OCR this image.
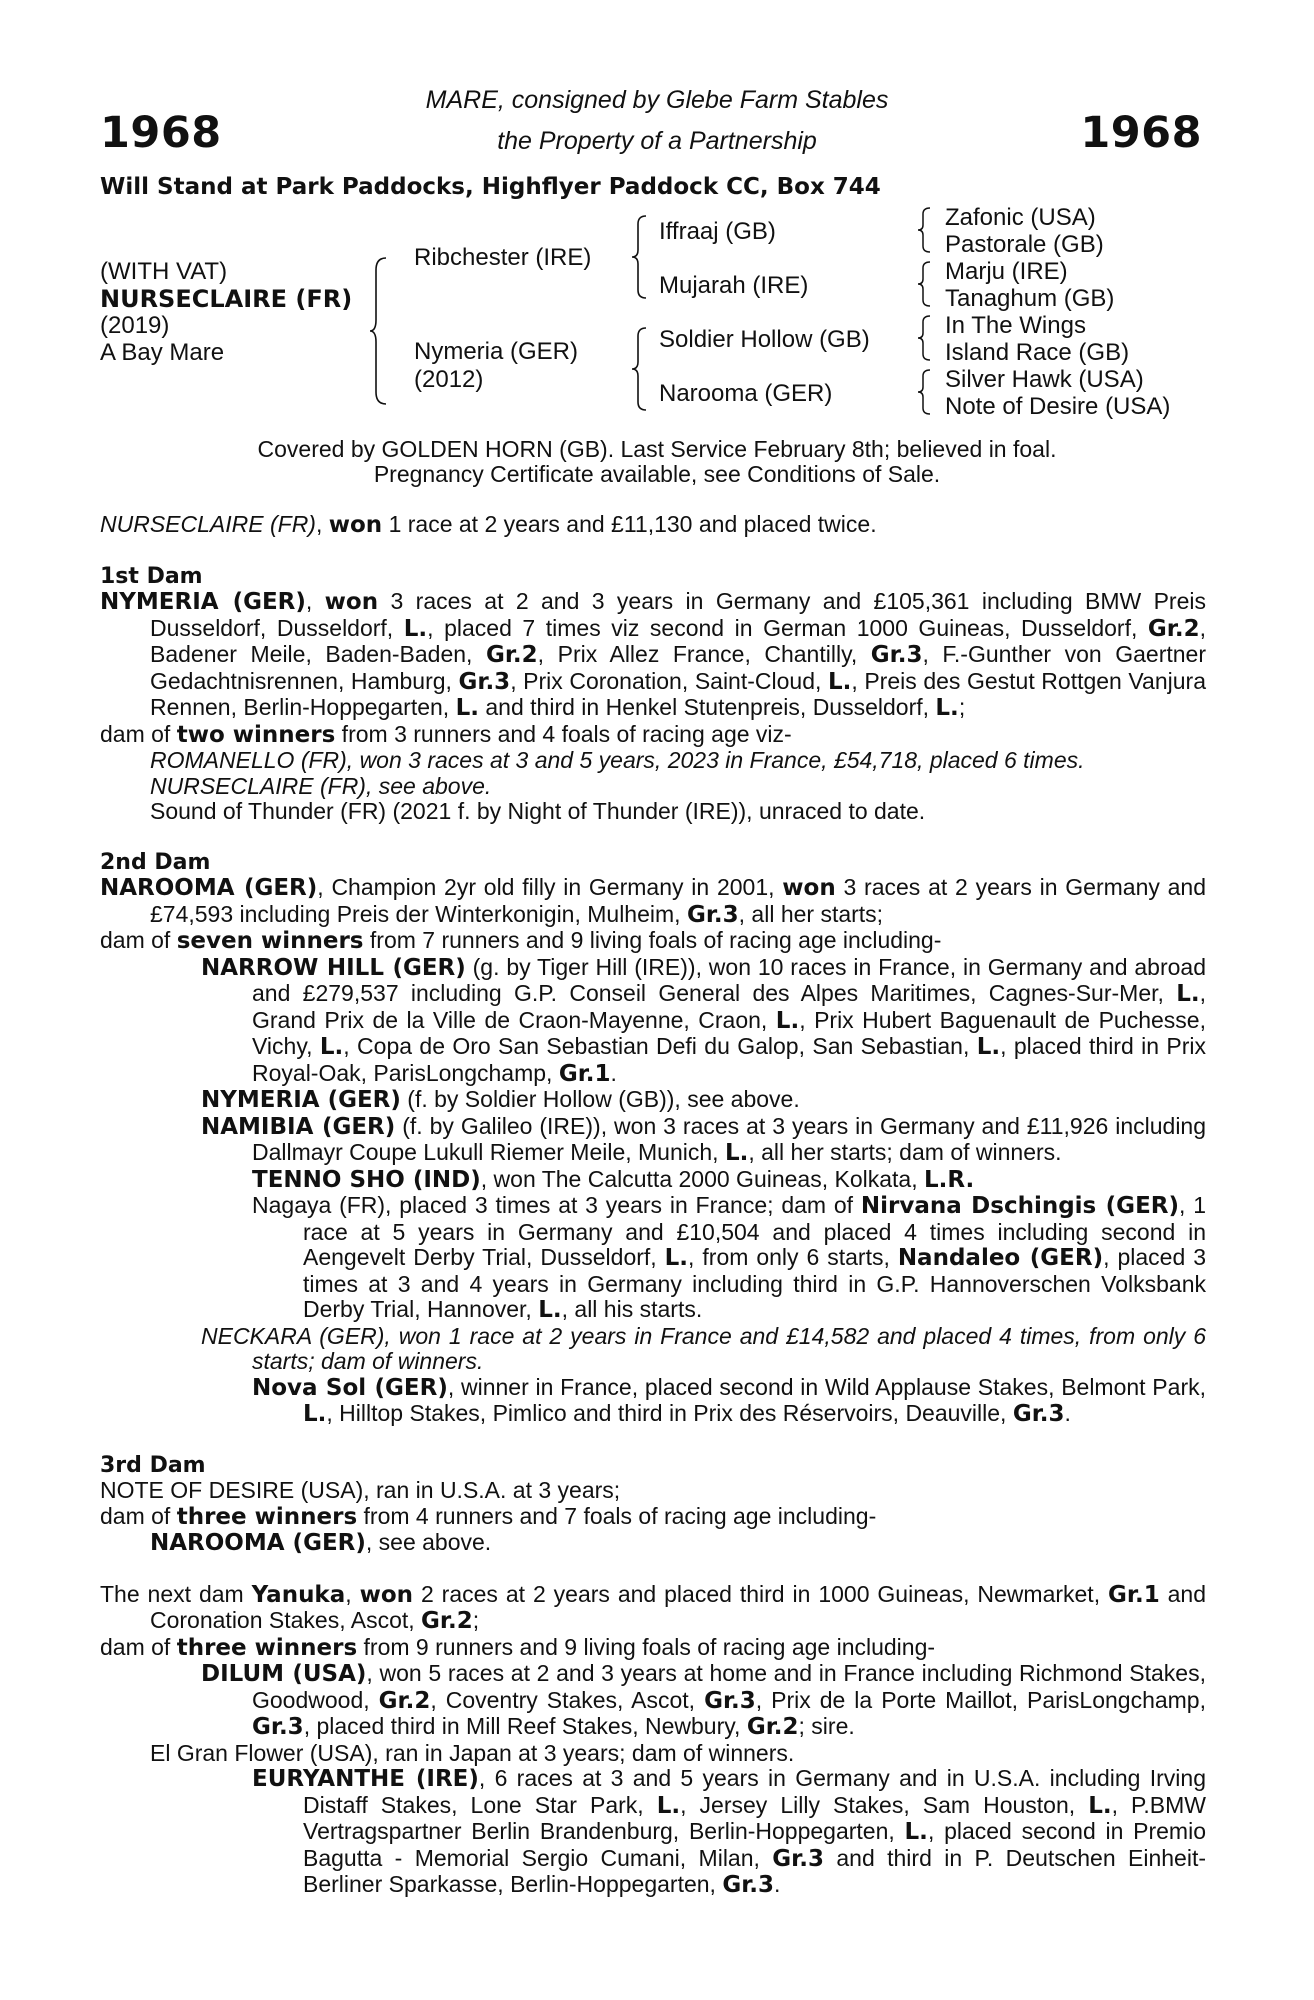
1968	1968
MARE, consigned by Glebe Farm Stables
the Property of a Partnership
Will Stand at Park Paddocks, Highflyer Paddock CC, Box 744
(WITH VAT)
NURSECLAIRE (FR)
(2019)
A Bay Mare
Ribchester (IRE)
Nymeria (GER)
(2012)
Iffraaj (GB)
Mujarah (IRE)
Soldier Hollow (GB)
Narooma (GER)
Zafonic (USA)
Pastorale (GB)
Marju (IRE)
Tanaghum (GB)
In The Wings
Island Race (GB)
Silver Hawk (USA)
Note of Desire (USA)
Covered by GOLDEN HORN (GB). Last Service February 8th; believed in foal.
Pregnancy Certificate available, see Conditions of Sale.

NURSECLAIRE (FR), won 1 race at 2 years and £11,130 and placed twice.

1st Dam

NYMERIA (GER), won 3 races at 2 and 3 years in Germany and £105,361 including BMW Preis Dusseldorf, Dusseldorf, L., placed 7 times viz second in German 1000 Guineas, Dusseldorf, Gr.2, Badener Meile, Baden-Baden, Gr.2, Prix Allez France, Chantilly, Gr.3, F.-Gunther von Gaertner Gedachtnisrennen, Hamburg, Gr.3, Prix Coronation, Saint-Cloud, L., Preis des Gestut Rottgen Vanjura Rennen, Berlin-Hoppegarten, L. and third in Henkel Stutenpreis, Dusseldorf, L.;

dam of two winners from 3 runners and 4 foals of racing age viz-

ROMANELLO (FR), won 3 races at 3 and 5 years, 2023 in France, £54,718, placed 6 times.

NURSECLAIRE (FR), see above.

Sound of Thunder (FR) (2021 f. by Night of Thunder (IRE)), unraced to date.

2nd Dam

NAROOMA (GER), Champion 2yr old filly in Germany in 2001, won 3 races at 2 years in Germany and £74,593 including Preis der Winterkonigin, Mulheim, Gr.3, all her starts;

dam of seven winners from 7 runners and 9 living foals of racing age including-

NARROW HILL (GER) (g. by Tiger Hill (IRE)), won 10 races in France, in Germany and abroad and £279,537 including G.P. Conseil General des Alpes Maritimes, Cagnes-Sur-Mer, L., Grand Prix de la Ville de Craon-Mayenne, Craon, L., Prix Hubert Baguenault de Puchesse, Vichy, L., Copa de Oro San Sebastian Defi du Galop, San Sebastian, L., placed third in Prix Royal-Oak, ParisLongchamp, Gr.1.

NYMERIA (GER) (f. by Soldier Hollow (GB)), see above.

NAMIBIA (GER) (f. by Galileo (IRE)), won 3 races at 3 years in Germany and £11,926 including Dallmayr Coupe Lukull Riemer Meile, Munich, L., all her starts; dam of winners.

TENNO SHO (IND), won The Calcutta 2000 Guineas, Kolkata, L.R.

Nagaya (FR), placed 3 times at 3 years in France; dam of Nirvana Dschingis (GER), 1 race at 5 years in Germany and £10,504 and placed 4 times including second in Aengevelt Derby Trial, Dusseldorf, L., from only 6 starts, Nandaleo (GER), placed 3 times at 3 and 4 years in Germany including third in G.P. Hannoverschen Volksbank Derby Trial, Hannover, L., all his starts.

NECKARA (GER), won 1 race at 2 years in France and £14,582 and placed 4 times, from only 6 starts; dam of winners.

Nova Sol (GER), winner in France, placed second in Wild Applause Stakes, Belmont Park, L., Hilltop Stakes, Pimlico and third in Prix des Réservoirs, Deauville, Gr.3.

3rd Dam

NOTE OF DESIRE (USA), ran in U.S.A. at 3 years;

dam of three winners from 4 runners and 7 foals of racing age including-

NAROOMA (GER), see above.

The next dam Yanuka, won 2 races at 2 years and placed third in 1000 Guineas, Newmarket, Gr.1 and Coronation Stakes, Ascot, Gr.2;

dam of three winners from 9 runners and 9 living foals of racing age including-

DILUM (USA), won 5 races at 2 and 3 years at home and in France including Richmond Stakes, Goodwood, Gr.2, Coventry Stakes, Ascot, Gr.3, Prix de la Porte Maillot, ParisLongchamp, Gr.3, placed third in Mill Reef Stakes, Newbury, Gr.2; sire.

El Gran Flower (USA), ran in Japan at 3 years; dam of winners.

EURYANTHE (IRE), 6 races at 3 and 5 years in Germany and in U.S.A. including Irving Distaff Stakes, Lone Star Park, L., Jersey Lilly Stakes, Sam Houston, L., P.BMW Vertragspartner Berlin Brandenburg, Berlin-Hoppegarten, L., placed second in Premio Bagutta - Memorial Sergio Cumani, Milan, Gr.3 and third in P. Deutschen Einheit-Berliner Sparkasse, Berlin-Hoppegarten, Gr.3.
